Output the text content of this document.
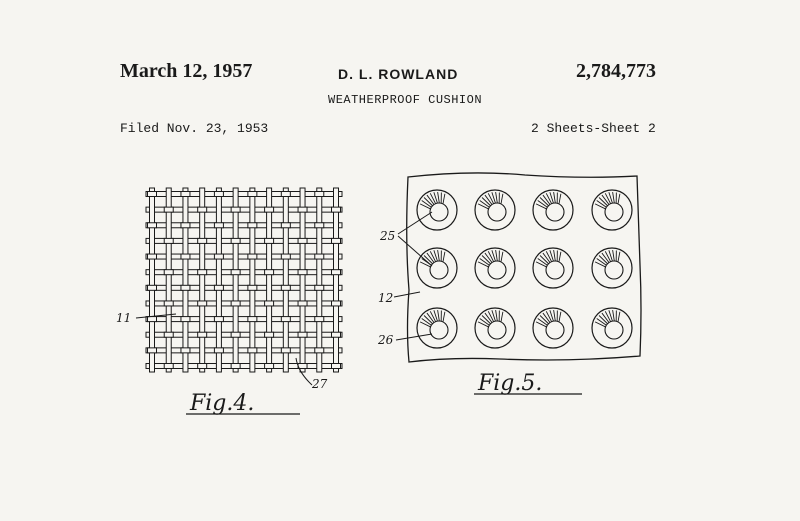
March 12, 1957	D. L. ROWLAND	2,784,773
WEATHERPROOF CUSHION
Filed Nov. 23, 1953	2 Sheets-Sheet 2
11
27
Fig.4.
25
12
26
Fig.5.
